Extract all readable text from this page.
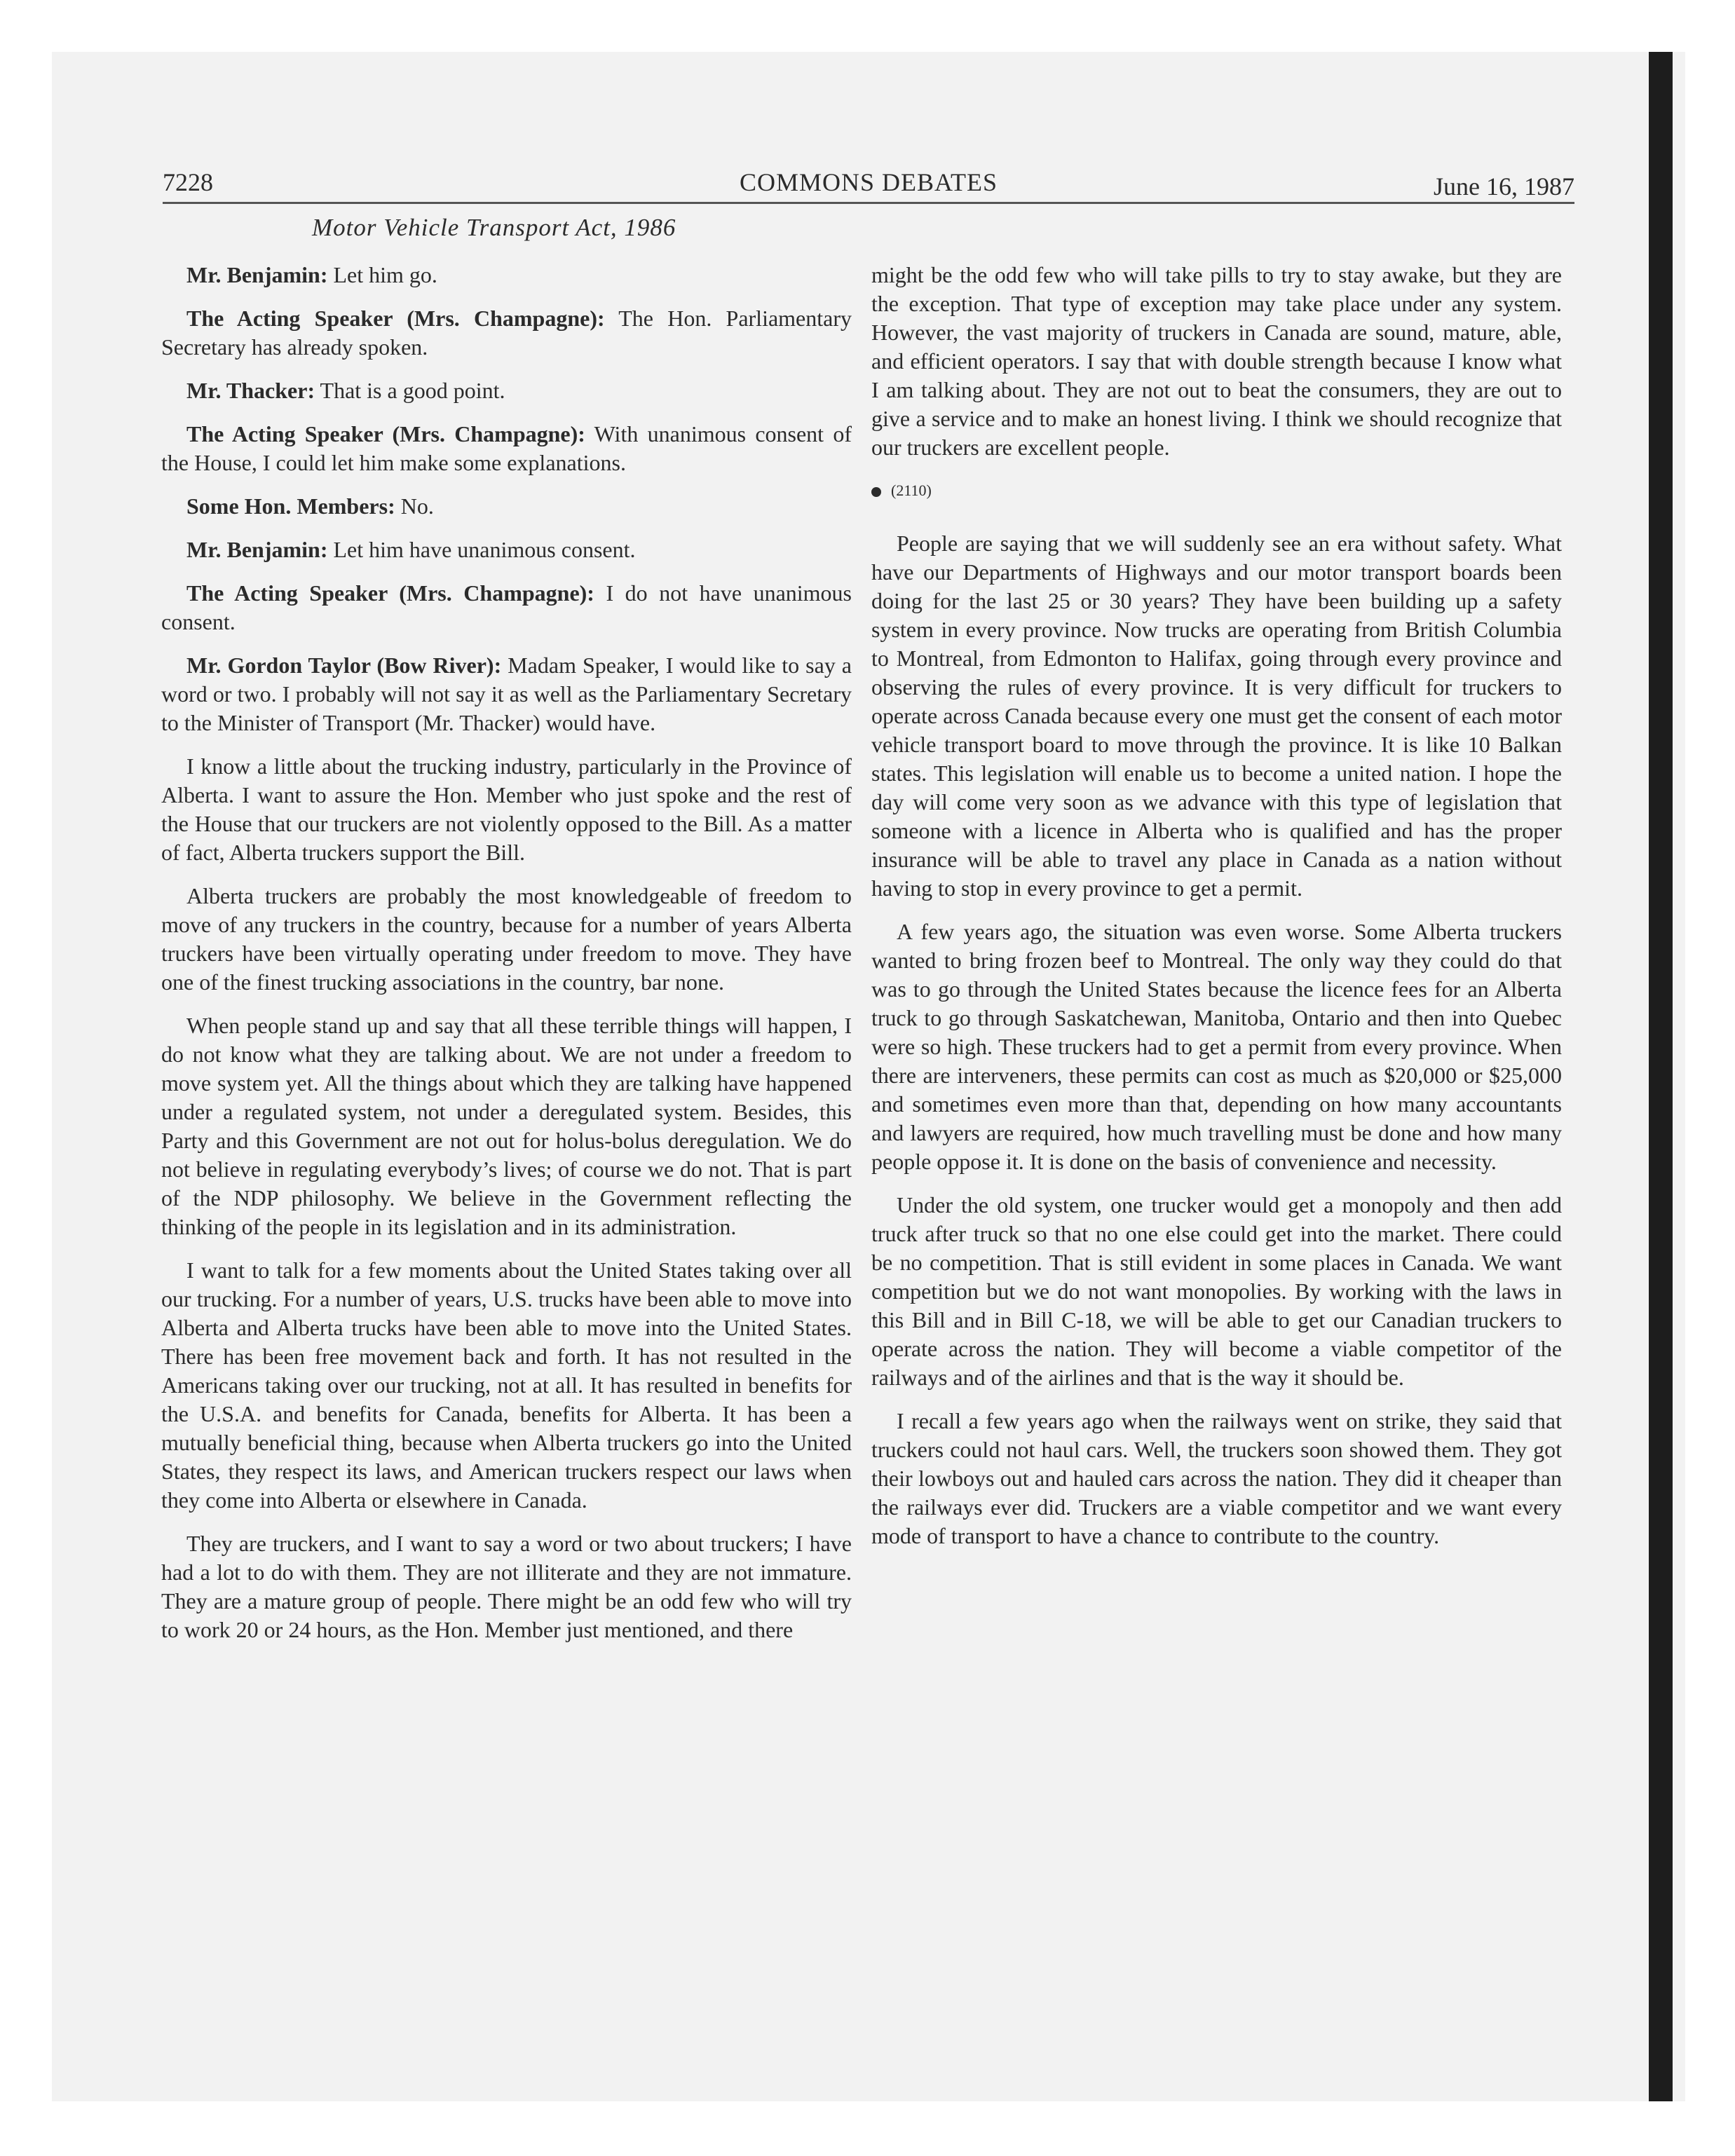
7228	COMMONS DEBATES	June 16, 1987
Motor Vehicle Transport Act, 1986

Mr. Benjamin: Let him go.

The Acting Speaker (Mrs. Champagne): The Hon. Parliamentary Secretary has already spoken.

Mr. Thacker: That is a good point.

The Acting Speaker (Mrs. Champagne): With unanimous consent of the House, I could let him make some explanations.

Some Hon. Members: No.

Mr. Benjamin: Let him have unanimous consent.

The Acting Speaker (Mrs. Champagne): I do not have unanimous consent.

Mr. Gordon Taylor (Bow River): Madam Speaker, I would like to say a word or two. I probably will not say it as well as the Parliamentary Secretary to the Minister of Transport (Mr. Thacker) would have.

I know a little about the trucking industry, particularly in the Province of Alberta. I want to assure the Hon. Member who just spoke and the rest of the House that our truckers are not violently opposed to the Bill. As a matter of fact, Alberta truckers support the Bill.

Alberta truckers are probably the most knowledgeable of freedom to move of any truckers in the country, because for a number of years Alberta truckers have been virtually operating under freedom to move. They have one of the finest trucking associations in the country, bar none.

When people stand up and say that all these terrible things will happen, I do not know what they are talking about. We are not under a freedom to move system yet. All the things about which they are talking have happened under a regulated system, not under a deregulated system. Besides, this Party and this Government are not out for holus-bolus deregulation. We do not believe in regulating everybody’s lives; of course we do not. That is part of the NDP philosophy. We believe in the Government reflecting the thinking of the people in its legislation and in its administration.

I want to talk for a few moments about the United States taking over all our trucking. For a number of years, U.S. trucks have been able to move into Alberta and Alberta trucks have been able to move into the United States. There has been free movement back and forth. It has not resulted in the Americans taking over our trucking, not at all. It has resulted in benefits for the U.S.A. and benefits for Canada, benefits for Alberta. It has been a mutually beneficial thing, because when Alberta truckers go into the United States, they respect its laws, and American truckers respect our laws when they come into Alberta or elsewhere in Canada.

They are truckers, and I want to say a word or two about truckers; I have had a lot to do with them. They are not illiterate and they are not immature. They are a mature group of people. There might be an odd few who will try to work 20 or 24 hours, as the Hon. Member just mentioned, and there

might be the odd few who will take pills to try to stay awake, but they are the exception. That type of exception may take place under any system. However, the vast majority of truckers in Canada are sound, mature, able, and efficient operators. I say that with double strength because I know what I am talking about. They are not out to beat the consumers, they are out to give a service and to make an honest living. I think we should recognize that our truckers are excellent people.

(2110)

People are saying that we will suddenly see an era without safety. What have our Departments of Highways and our motor transport boards been doing for the last 25 or 30 years? They have been building up a safety system in every province. Now trucks are operating from British Columbia to Montreal, from Edmonton to Halifax, going through every province and observing the rules of every province. It is very difficult for truckers to operate across Canada because every one must get the consent of each motor vehicle transport board to move through the province. It is like 10 Balkan states. This legislation will enable us to become a united nation. I hope the day will come very soon as we advance with this type of legislation that someone with a licence in Alberta who is qualified and has the proper insurance will be able to travel any place in Canada as a nation without having to stop in every province to get a permit.

A few years ago, the situation was even worse. Some Alberta truckers wanted to bring frozen beef to Montreal. The only way they could do that was to go through the United States because the licence fees for an Alberta truck to go through Saskatchewan, Manitoba, Ontario and then into Quebec were so high. These truckers had to get a permit from every province. When there are interveners, these permits can cost as much as $20,000 or $25,000 and sometimes even more than that, depending on how many accountants and lawyers are required, how much travelling must be done and how many people oppose it. It is done on the basis of convenience and necessity.

Under the old system, one trucker would get a monopoly and then add truck after truck so that no one else could get into the market. There could be no competition. That is still evident in some places in Canada. We want competition but we do not want monopolies. By working with the laws in this Bill and in Bill C-18, we will be able to get our Canadian truckers to operate across the nation. They will become a viable competitor of the railways and of the airlines and that is the way it should be.

I recall a few years ago when the railways went on strike, they said that truckers could not haul cars. Well, the truckers soon showed them. They got their lowboys out and hauled cars across the nation. They did it cheaper than the railways ever did. Truckers are a viable competitor and we want every mode of transport to have a chance to contribute to the country.
